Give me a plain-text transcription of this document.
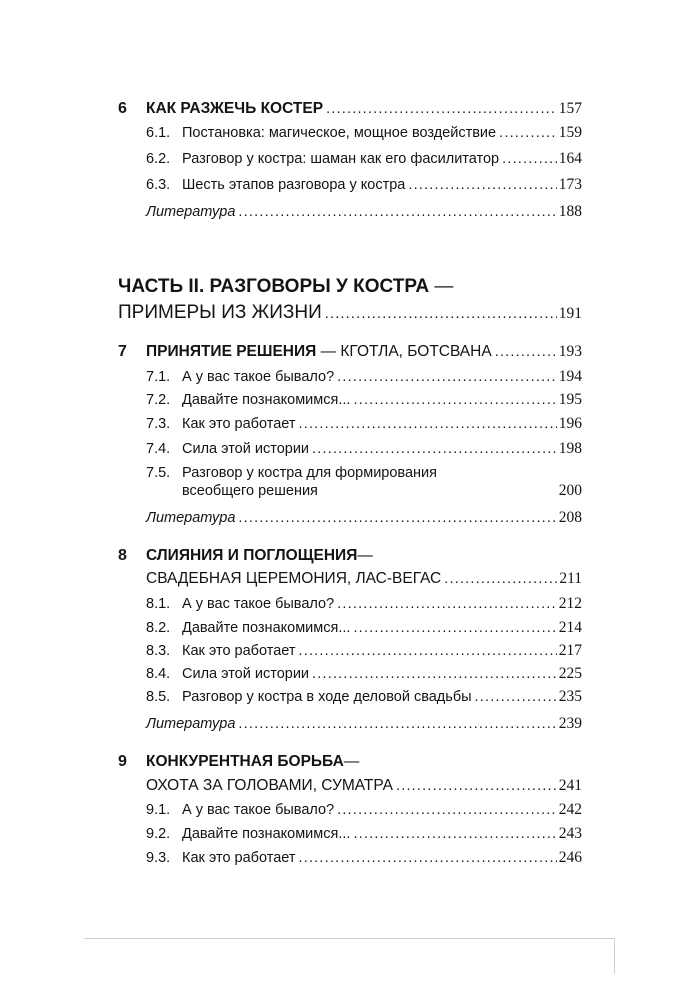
6	КАК РАЗЖЕЧЬ КОСТЕР .....	157
6.1. Постановка: магическое, мощное воздействие .....	159
6.2. Разговор у костра: шаман как его фасилитатор .....	164
6.3. Шесть этапов разговора у костра .....	173
Литература .....	188
ЧАСТЬ II. РАЗГОВОРЫ У КОСТРА —
ПРИМЕРЫ ИЗ ЖИЗНИ .....	191
7	ПРИНЯТИЕ РЕШЕНИЯ — КГОТЛА, БОТСВАНА .....	193
7.1. А у вас такое бывало? .....	194
7.2. Давайте познакомимся... .....	195
7.3. Как это работает .....	196
7.4. Сила этой истории .....	198
7.5. Разговор у костра для формирования
всеобщего решения	200
Литература .....	208
8	СЛИЯНИЯ И ПОГЛОЩЕНИЯ —
СВАДЕБНАЯ ЦЕРЕМОНИЯ, ЛАС-ВЕГАС .....	211
8.1. А у вас такое бывало? .....	212
8.2. Давайте познакомимся... .....	214
8.3. Как это работает .....	217
8.4. Сила этой истории .....	225
8.5. Разговор у костра в ходе деловой свадьбы .....	235
Литература .....	239
9	КОНКУРЕНТНАЯ БОРЬБА —
ОХОТА ЗА ГОЛОВАМИ, СУМАТРА .....	241
9.1. А у вас такое бывало? .....	242
9.2. Давайте познакомимся... .....	243
9.3. Как это работает .....	246
